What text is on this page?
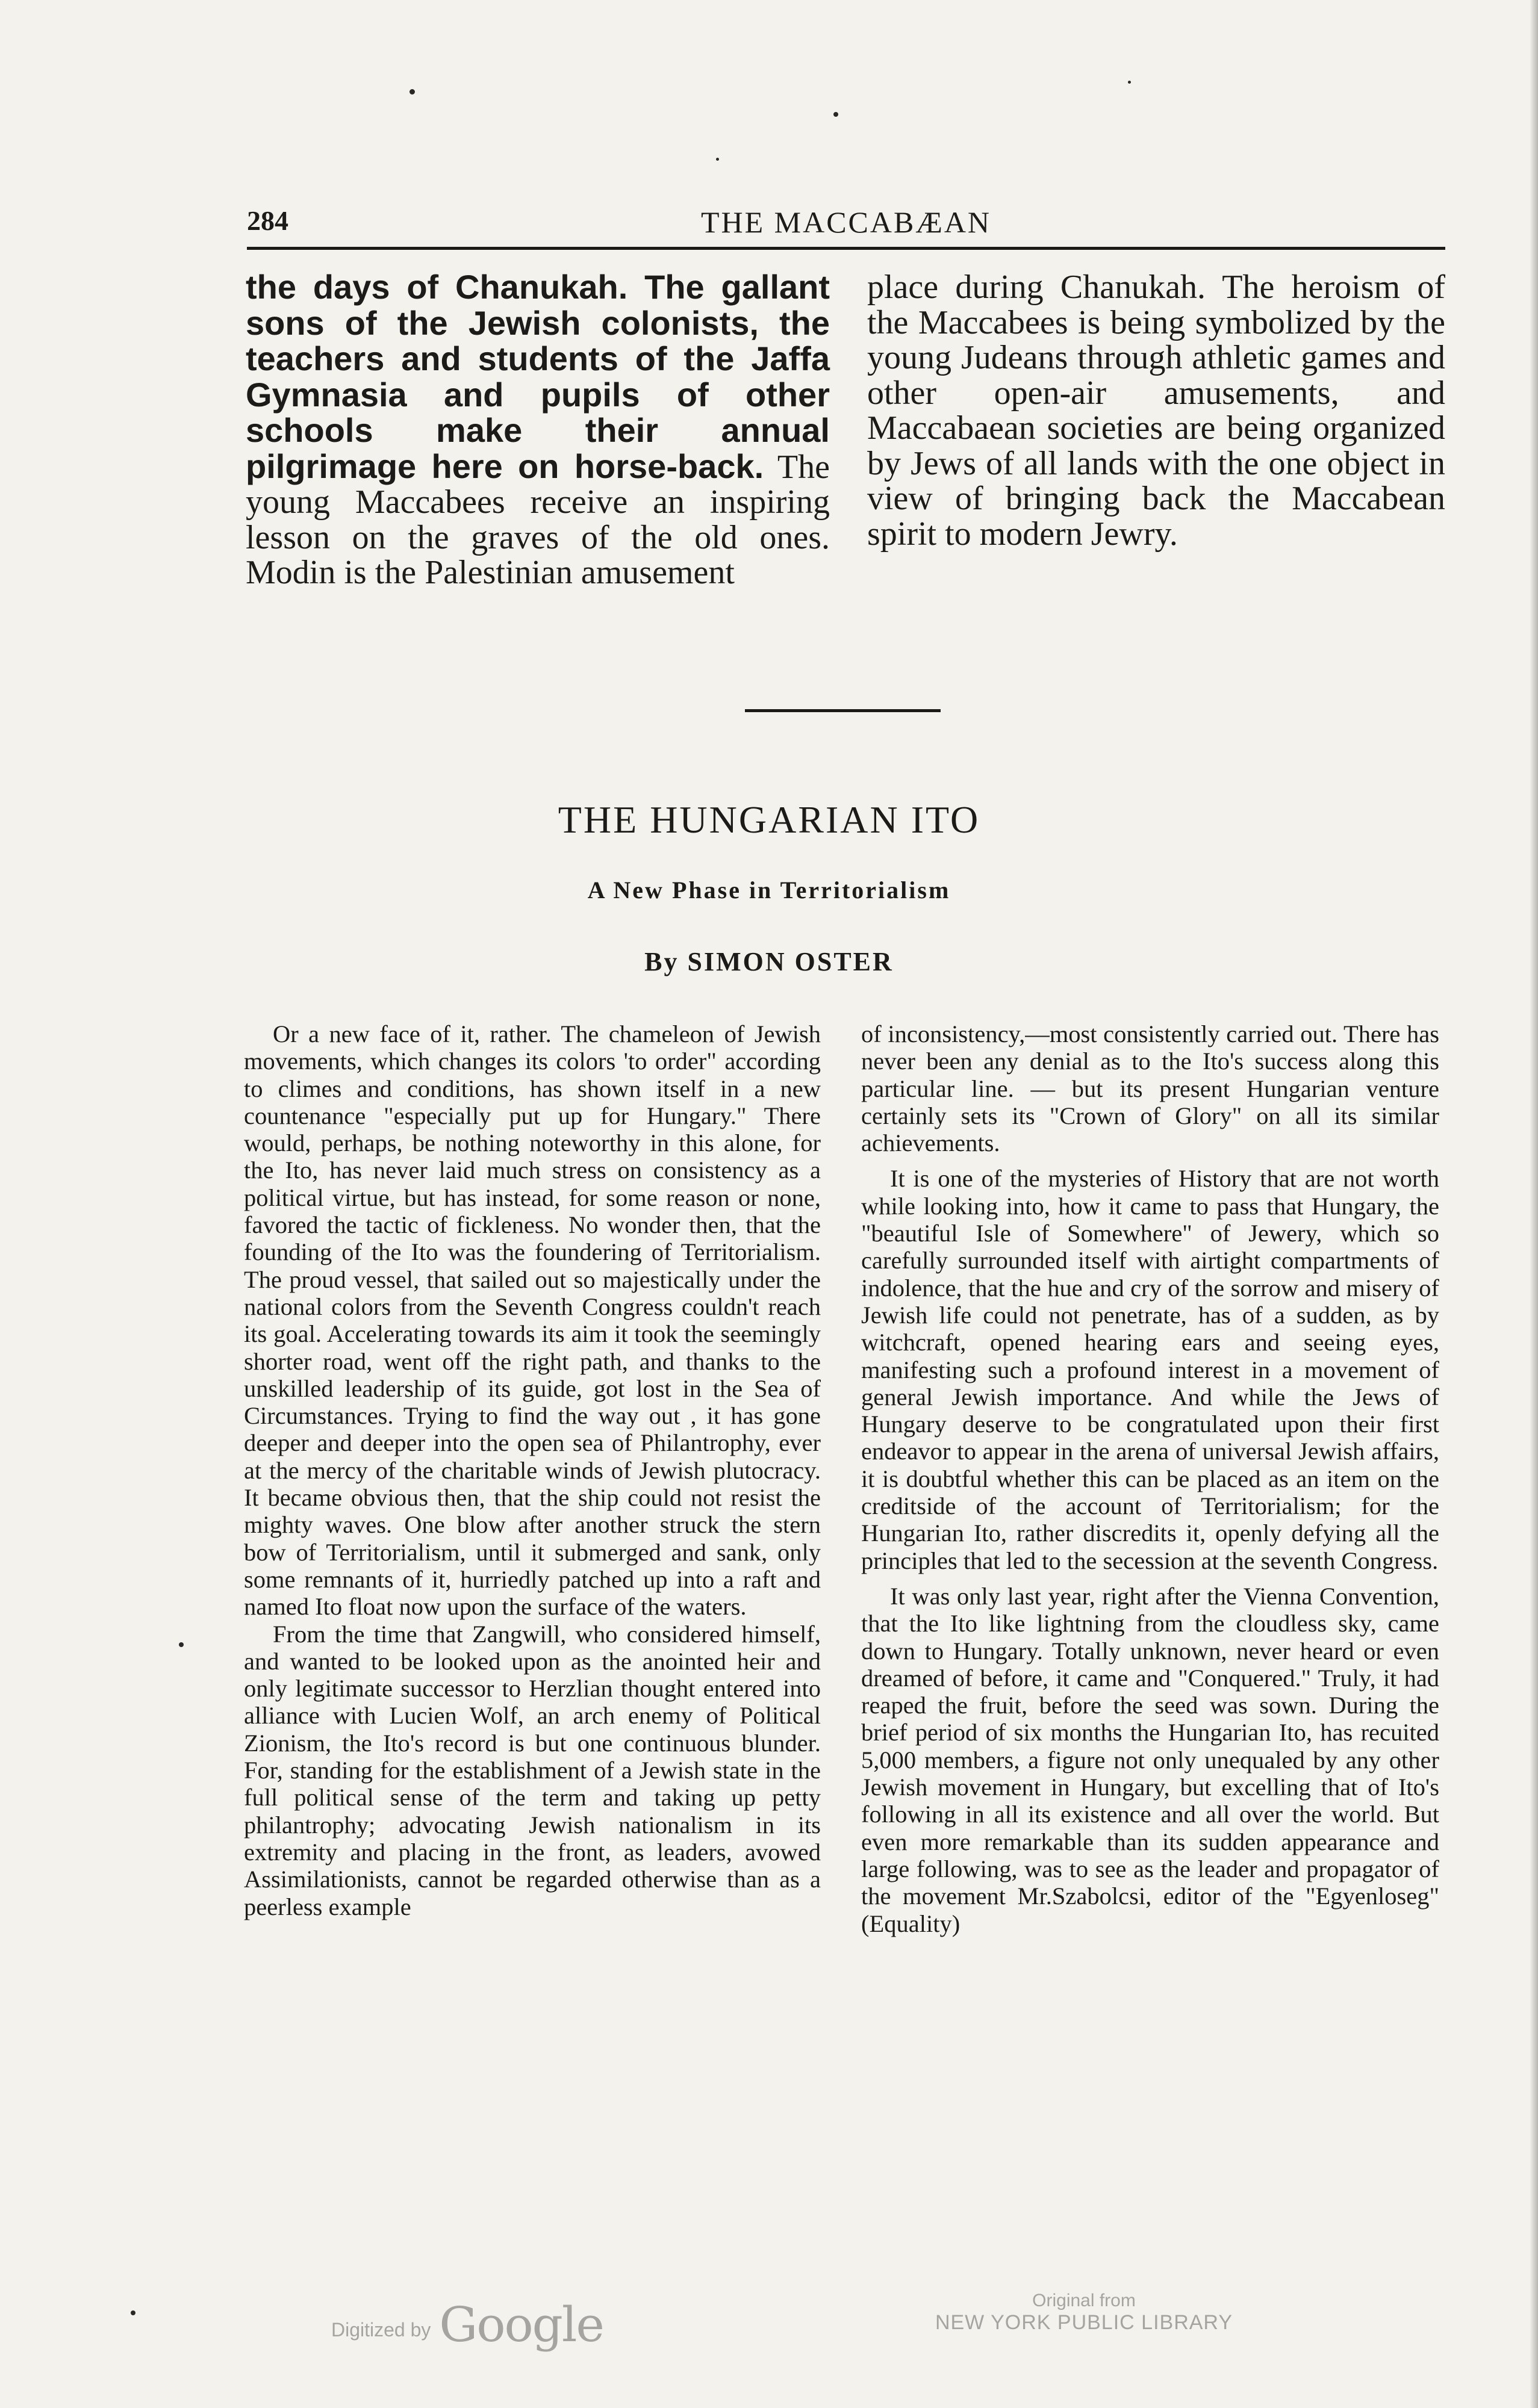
284	THE MACCABÆAN

the days of Chanukah. The gallant sons of the Jewish colonists, the teachers and students of the Jaffa Gymnasia and pupils of other schools make their annual pilgrimage here on horse-back. The young Maccabees receive an inspiring lesson on the graves of the old ones. Modin is the Palestinian amusement

place during Chanukah. The heroism of the Maccabees is being symbolized by the young Judeans through athletic games and other open-air amusements, and Maccabaean societies are being organized by Jews of all lands with the one object in view of bringing back the Maccabean spirit to modern Jewry.

THE HUNGARIAN ITO
A New Phase in Territorialism
By SIMON OSTER

Or a new face of it, rather. The chameleon of Jewish movements, which changes its colors 'to order" according to climes and conditions, has shown itself in a new countenance "especially put up for Hungary." There would, perhaps, be nothing noteworthy in this alone, for the Ito, has never laid much stress on consistency as a political virtue, but has instead, for some reason or none, favored the tactic of fickleness. No wonder then, that the founding of the Ito was the foundering of Territorialism. The proud vessel, that sailed out so majestically under the national colors from the Seventh Congress couldn't reach its goal. Accelerating towards its aim it took the seemingly shorter road, went off the right path, and thanks to the unskilled leadership of its guide, got lost in the Sea of Circumstances. Trying to find the way out , it has gone deeper and deeper into the open sea of Philantrophy, ever at the mercy of the charitable winds of Jewish plutocracy. It became obvious then, that the ship could not resist the mighty waves. One blow after another struck the stern bow of Territorialism, until it submerged and sank, only some remnants of it, hurriedly patched up into a raft and named Ito float now upon the surface of the waters.

From the time that Zangwill, who considered himself, and wanted to be looked upon as the anointed heir and only legitimate successor to Herzlian thought entered into alliance with Lucien Wolf, an arch enemy of Political Zionism, the Ito's record is but one continuous blunder. For, standing for the establishment of a Jewish state in the full political sense of the term and taking up petty philantrophy; advocating Jewish nationalism in its extremity and placing in the front, as leaders, avowed Assimilationists, cannot be regarded otherwise than as a peerless example

of inconsistency,—most consistently carried out. There has never been any denial as to the Ito's success along this particular line. — but its present Hungarian venture certainly sets its "Crown of Glory" on all its similar achievements.

It is one of the mysteries of History that are not worth while looking into, how it came to pass that Hungary, the "beautiful Isle of Somewhere" of Jewery, which so carefully surrounded itself with airtight compartments of indolence, that the hue and cry of the sorrow and misery of Jewish life could not penetrate, has of a sudden, as by witchcraft, opened hearing ears and seeing eyes, manifesting such a profound interest in a movement of general Jewish importance. And while the Jews of Hungary deserve to be congratulated upon their first endeavor to appear in the arena of universal Jewish affairs, it is doubtful whether this can be placed as an item on the creditside of the account of Territorialism; for the Hungarian Ito, rather discredits it, openly defying all the principles that led to the secession at the seventh Congress.

It was only last year, right after the Vienna Convention, that the Ito like lightning from the cloudless sky, came down to Hungary. Totally unknown, never heard or even dreamed of before, it came and "Conquered." Truly, it had reaped the fruit, before the seed was sown. During the brief period of six months the Hungarian Ito, has recuited 5,000 members, a figure not only unequaled by any other Jewish movement in Hungary, but excelling that of Ito's following in all its existence and all over the world. But even more remarkable than its sudden appearance and large following, was to see as the leader and propagator of the movement Mr.Szabolcsi, editor of the "Egyenloseg" (Equality)

Digitized by Google	Original from
NEW YORK PUBLIC LIBRARY
